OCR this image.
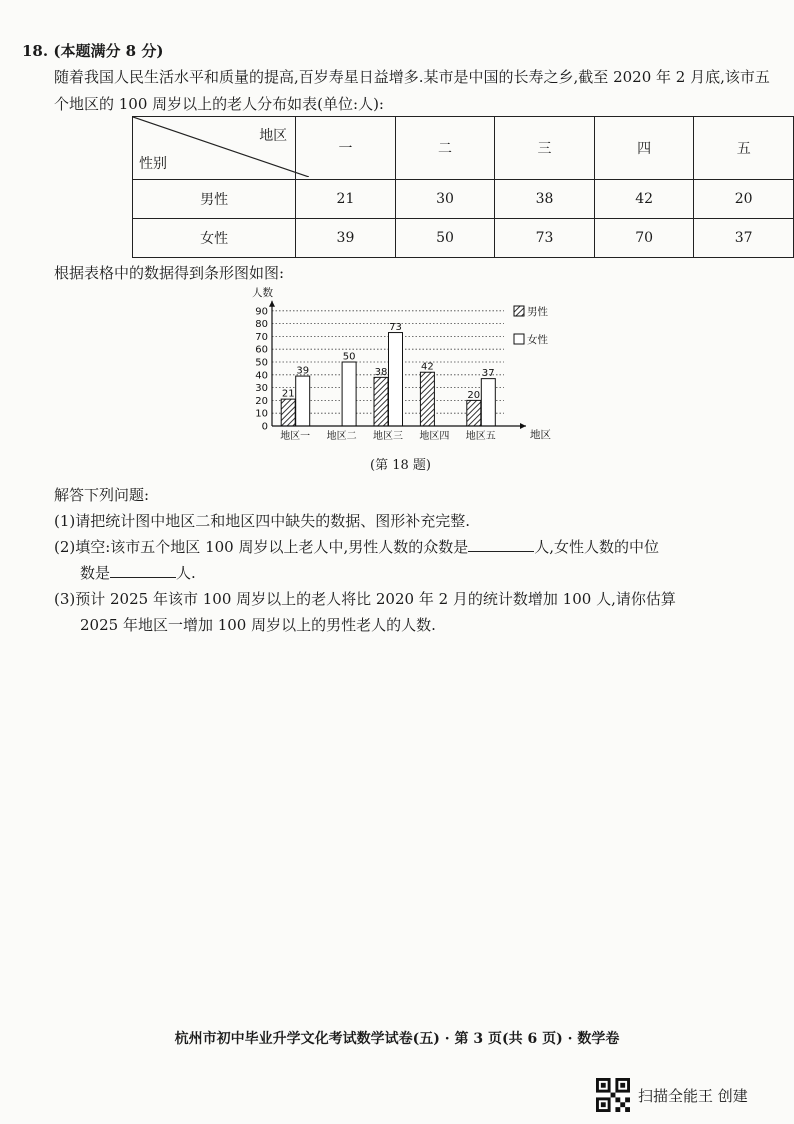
18. (本题满分 8 分)
随着我国人民生活水平和质量的提高,百岁寿星日益增多.某市是中国的长寿之乡,截至 2020 年 2 月底,该市五个地区的 100 周岁以上的老人分布如表(单位:人):
地区
性别	一	二	三	四	五
男性	21	30	38	42	20
女性	39	50	73	70	37
根据表格中的数据得到条形图如图:
0
10
20
30
40
50
60
70
80
90
人数
地区
地区一
21
39
地区二
50
地区三
38
73
地区四
42
地区五
20
37
男性
女性
(第 18 题)
解答下列问题:

(1)请把统计图中地区二和地区四中缺失的数据、图形补充完整.

(2)填空:该市五个地区 100 周岁以上老人中,男性人数的众数是	人,女性人数的中位

数是	人.

(3)预计 2025 年该市 100 周岁以上的老人将比 2020 年 2 月的统计数增加 100 人,请你估算

2025 年地区一增加 100 周岁以上的男性老人的人数.

杭州市初中毕业升学文化考试数学试卷(五) · 第 3 页(共 6 页) · 数学卷
扫描全能王 创建
